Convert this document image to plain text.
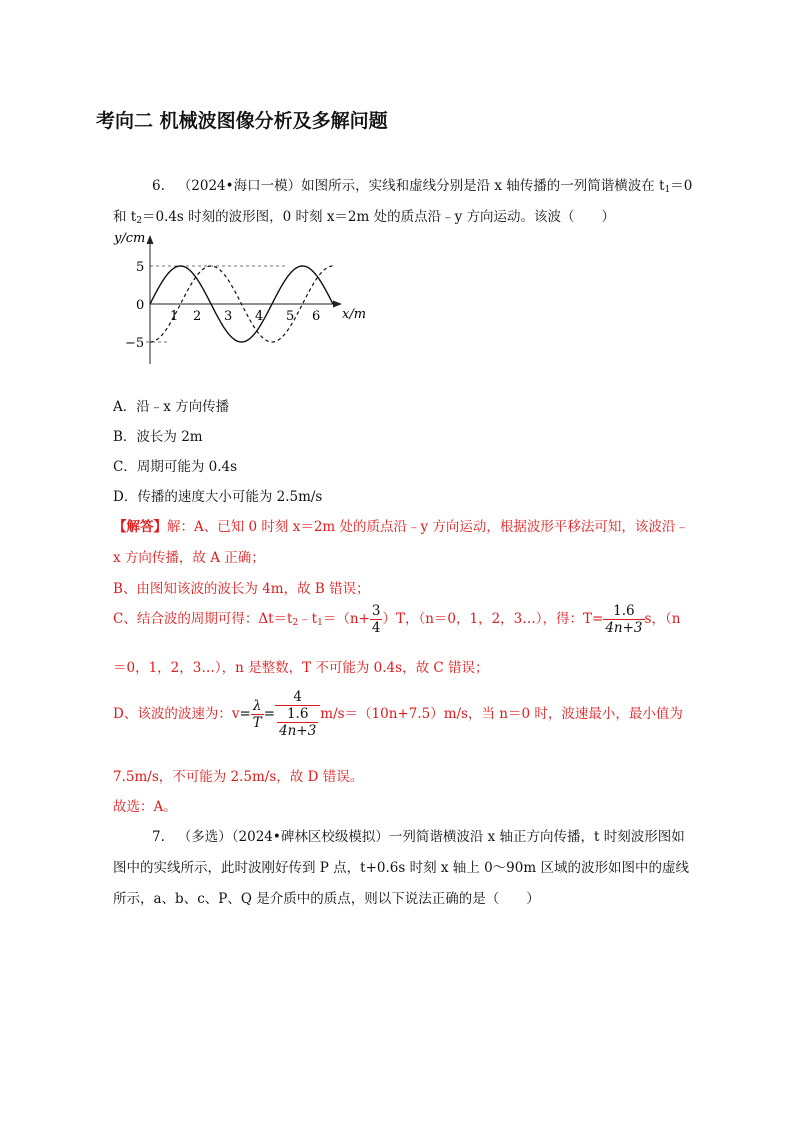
考向二 机械波图像分析及多解问题
6. （2024•海口一模）如图所示，实线和虚线分别是沿 x 轴传播的一列简谐横波在 $t_1=0$
和 $t_2=0.4s$ 时刻的波形图，0 时刻 x＝2m 处的质点沿﹣y 方向运动。该波（　　）
y/cm
x/m
5
0
−5
1 2 3 4 5 6
A．沿﹣x 方向传播
B．波长为 2m
C．周期可能为 0.4s
D．传播的速度大小可能为 2.5m/s
【解答】解：A、已知 0 时刻 x＝2m 处的质点沿﹣y 方向运动，根据波形平移法可知，该波沿﹣
x 方向传播，故 A 正确；
B、由图知该波的波长为 4m，故 B 错误；
C、结合波的周期可得：$\Delta t=t_2﹣t_1=(n+ \frac{3}{4} )T$，（n＝0，1，2，3…），得：$T= \frac{1.6}{4n+3}$ s，（n
＝0，1，2，3…），n 是整数，T 不可能为 0.4s，故 C 错误；
D、该波的波速为：$v= \frac{\lambda}{T} = \frac{4}{\frac{1.6}{4n+3}} m/s=(10n+7.5)m/s$，当 n＝0 时，波速最小，最小值为
7.5m/s，不可能为 2.5m/s，故 D 错误。
故选：A。
7. （多选）（2024•碑林区校级模拟）一列简谐横波沿 x 轴正方向传播，t 时刻波形图如
图中的实线所示，此时波刚好传到 P 点，t+0.6s 时刻 x 轴上 0～90m 区域的波形如图中的虚线
所示，a、b、c、P、Q 是介质中的质点，则以下说法正确的是（　　）
